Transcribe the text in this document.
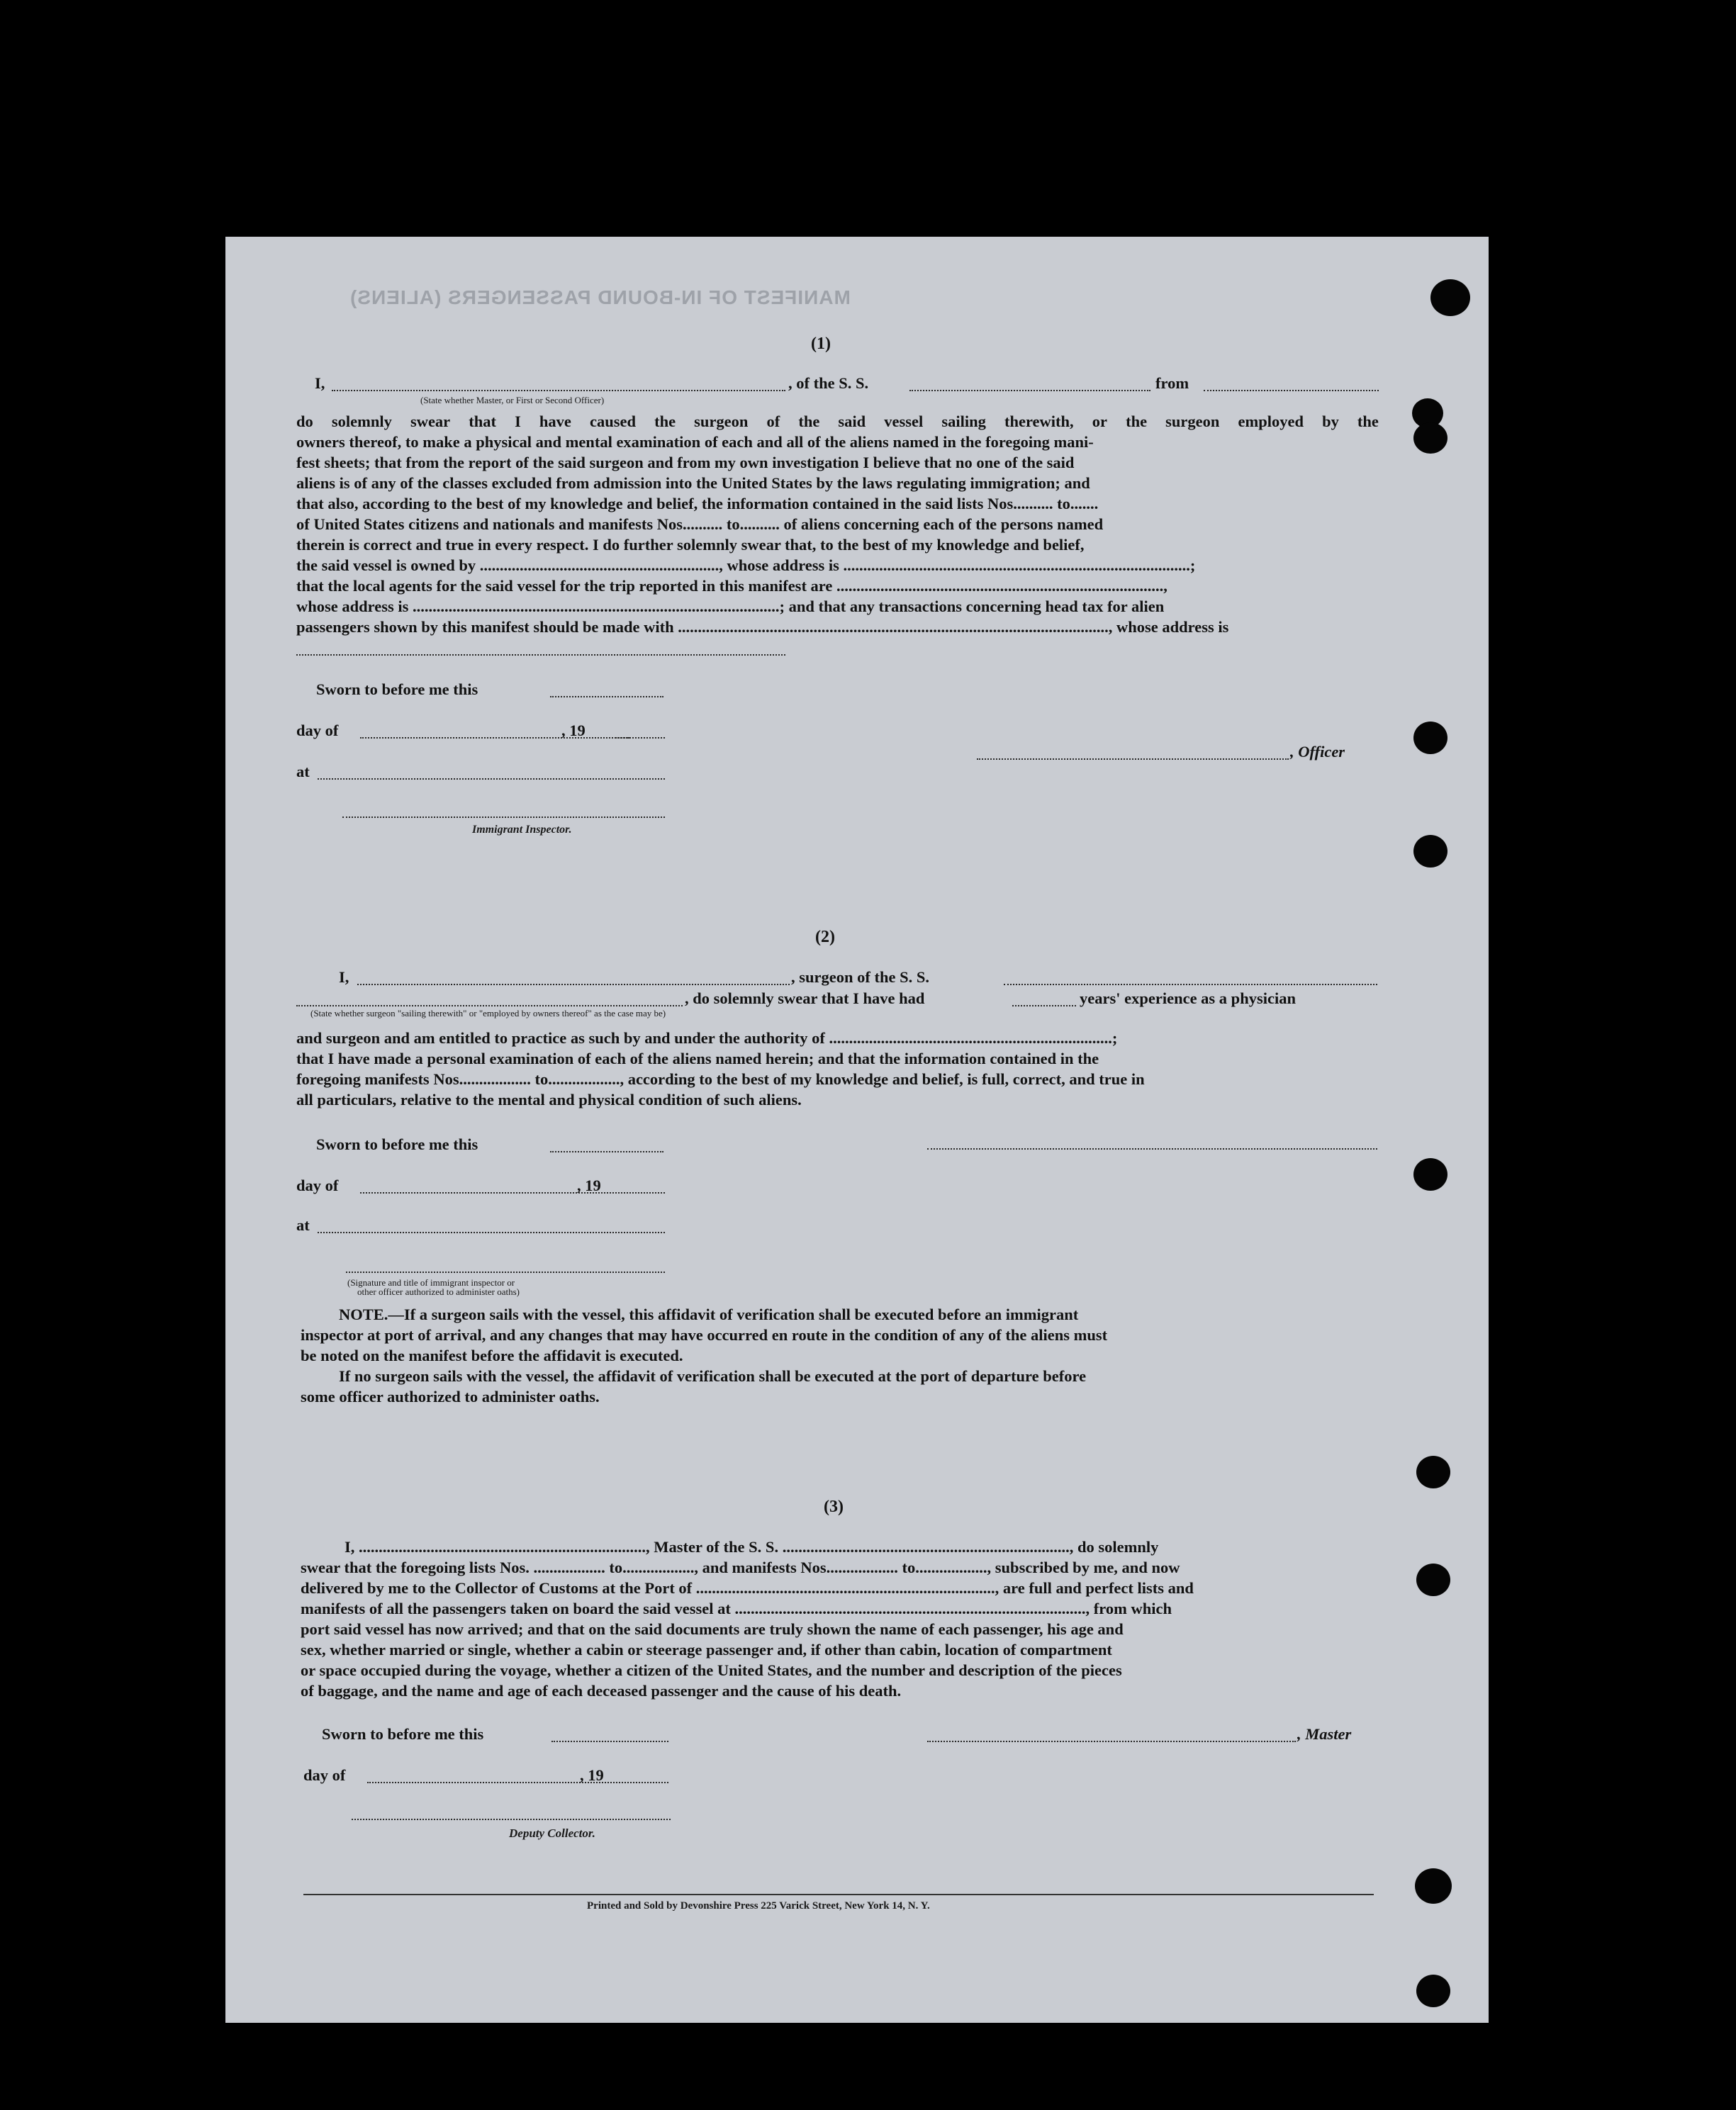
MANIFEST OF IN-BOUND PASSENGERS (ALIENS)
(1)
I,	, of the S. S.	from
(State whether Master, or First or Second Officer)
do solemnly swear that I have caused the surgeon of the said vessel sailing therewith, or the surgeon employed by the
owners thereof, to make a physical and mental examination of each and all of the aliens named in the foregoing mani-
fest sheets; that from the report of the said surgeon and from my own investigation I believe that no one of the said
aliens is of any of the classes excluded from admission into the United States by the laws regulating immigration; and
that also, according to the best of my knowledge and belief, the information contained in the said lists Nos.......... to.......
of United States citizens and nationals and manifests Nos.......... to.......... of aliens concerning each of the persons named
therein is correct and true in every respect. I do further solemnly swear that, to the best of my knowledge and belief,
the said vessel is owned by ............................................................, whose address is .......................................................................................;
that the local agents for the said vessel for the trip reported in this manifest are ..................................................................................,
whose address is ............................................................................................; and that any transactions concerning head tax for alien
passengers shown by this manifest should be made with ............................................................................................................, whose address is
Sworn to before me this
day of	, 19
, Officer
at
Immigrant Inspector.
(2)
I,	, surgeon of the S. S.
, do solemnly swear that I have had	years' experience as a physician
(State whether surgeon "sailing therewith" or "employed by owners thereof" as the case may be)
and surgeon and am entitled to practice as such by and under the authority of .......................................................................;
that I have made a personal examination of each of the aliens named herein; and that the information contained in the
foregoing manifests Nos.................. to.................., according to the best of my knowledge and belief, is full, correct, and true in
all particulars, relative to the mental and physical condition of such aliens.
Sworn to before me this
day of	, 19
at
(Signature and title of immigrant inspector or
other officer authorized to administer oaths)
NOTE.—If a surgeon sails with the vessel, this affidavit of verification shall be executed before an immigrant
inspector at port of arrival, and any changes that may have occurred en route in the condition of any of the aliens must
be noted on the manifest before the affidavit is executed.
If no surgeon sails with the vessel, the affidavit of verification shall be executed at the port of departure before
some officer authorized to administer oaths.
(3)
I, ........................................................................, Master of the S. S. ........................................................................, do solemnly
swear that the foregoing lists Nos. .................. to.................., and manifests Nos.................. to.................., subscribed by me, and now
delivered by me to the Collector of Customs at the Port of ..........................................................................., are full and perfect lists and
manifests of all the passengers taken on board the said vessel at ........................................................................................, from which
port said vessel has now arrived; and that on the said documents are truly shown the name of each passenger, his age and
sex, whether married or single, whether a cabin or steerage passenger and, if other than cabin, location of compartment
or space occupied during the voyage, whether a citizen of the United States, and the number and description of the pieces
of baggage, and the name and age of each deceased passenger and the cause of his death.
Sworn to before me this	, Master
day of	, 19
Deputy Collector.
Printed and Sold by Devonshire Press 225 Varick Street, New York 14, N. Y.
